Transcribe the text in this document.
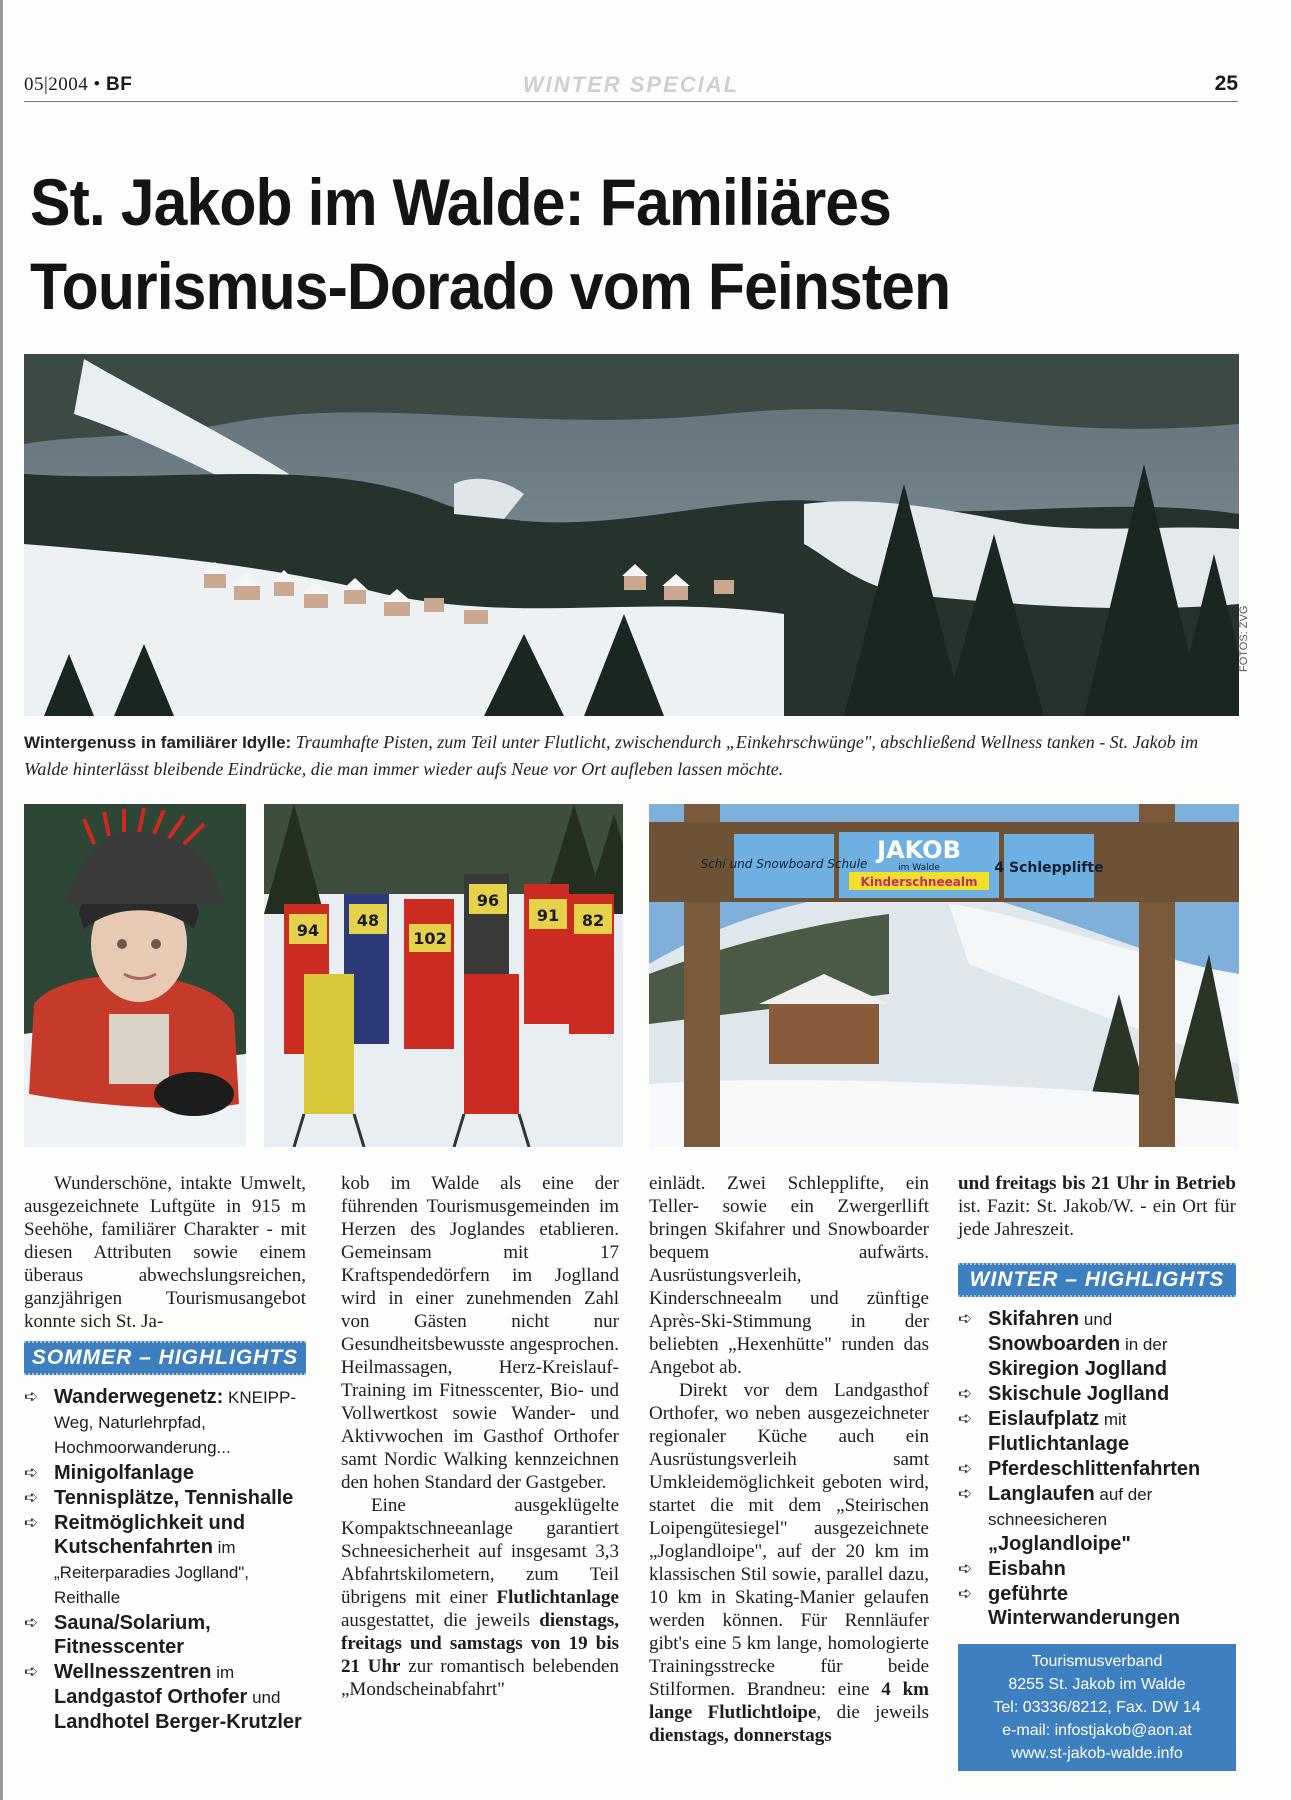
05|2004 • BF	WINTER SPECIAL	25
St. Jakob im Walde: Familiäres
Tourismus-Dorado vom Feinsten
FOTOS: ZVG
Wintergenuss in familiärer Idylle: Traumhafte Pisten, zum Teil unter Flutlicht, zwischendurch „Einkehrschwünge", abschließend Wellness tanken - St. Jakob im Walde hinterlässt bleibende Eindrücke, die man immer wieder aufs Neue vor Ort aufleben lassen möchte.
94
48
96
91 82
102
Schi und Snowboard Schule JAKOB
im Walde
Kinderschneealm
4 Schlepplifte

Wunderschöne, intakte Umwelt, ausgezeichnete Luftgüte in 915 m Seehöhe, familiärer Charakter - mit diesen Attributen sowie einem überaus abwechslungsreichen, ganzjährigen Tourismusangebot konnte sich St. Ja-

SOMMER – HIGHLIGHTS
➪ Wanderwegenetz: KNEIPP-Weg, Naturlehrpfad, Hochmoorwanderung...
➪ Minigolfanlage
➪ Tennisplätze, Tennishalle
➪ Reitmöglichkeit und Kutschenfahrten im „Reiterparadies Joglland", Reithalle
➪ Sauna/Solarium, Fitnesscenter
➪ Wellnesszentren im Landgastof Orthofer und Landhotel Berger-Krutzler

kob im Walde als eine der führenden Tourismusgemeinden im Herzen des Joglandes etablieren. Gemeinsam mit 17 Kraftspendedörfern im Joglland wird in einer zunehmenden Zahl von Gästen nicht nur Gesundheitsbewusste angesprochen. Heilmassagen, Herz-Kreislauf-Training im Fitnesscenter, Bio- und Vollwertkost sowie Wander- und Aktivwochen im Gasthof Orthofer samt Nordic Walking kennzeichnen den hohen Standard der Gastgeber.

Eine ausgeklügelte Kompaktschneeanlage garantiert Schneesicherheit auf insgesamt 3,3 Abfahrtskilometern, zum Teil übrigens mit einer Flutlichtanlage ausgestattet, die jeweils dienstags, freitags und samstags von 19 bis 21 Uhr zur romantisch belebenden „Mondscheinabfahrt"

einlädt. Zwei Schlepplifte, ein Teller- sowie ein Zwergerllift bringen Skifahrer und Snowboarder bequem aufwärts. Ausrüstungsverleih, Kinderschneealm und zünftige Après-Ski-Stimmung in der beliebten „Hexenhütte" runden das Angebot ab.

Direkt vor dem Landgasthof Orthofer, wo neben ausgezeichneter regionaler Küche auch ein Ausrüstungsverleih samt Umkleidemöglichkeit geboten wird, startet die mit dem „Steirischen Loipengütesiegel" ausgezeichnete „Joglandloipe", auf der 20 km im klassischen Stil sowie, parallel dazu, 10 km in Skating-Manier gelaufen werden können. Für Rennläufer gibt's eine 5 km lange, homologierte Trainingsstrecke für beide Stilformen. Brandneu: eine 4 km lange Flutlichtloipe, die jeweils dienstags, donnerstags

und freitags bis 21 Uhr in Betrieb ist. Fazit: St. Jakob/W. - ein Ort für jede Jahreszeit.

WINTER – HIGHLIGHTS
➪ Skifahren und Snowboarden in der Skiregion Joglland
➪ Skischule Joglland
➪ Eislaufplatz mit Flutlichtanlage
➪ Pferdeschlittenfahrten
➪ Langlaufen auf der schneesicheren „Joglandloipe"
➪ Eisbahn
➪ geführte Winterwanderungen
Tourismusverband
8255 St. Jakob im Walde
Tel: 03336/8212, Fax. DW 14
e-mail: infostjakob@aon.at
www.st-jakob-walde.info
